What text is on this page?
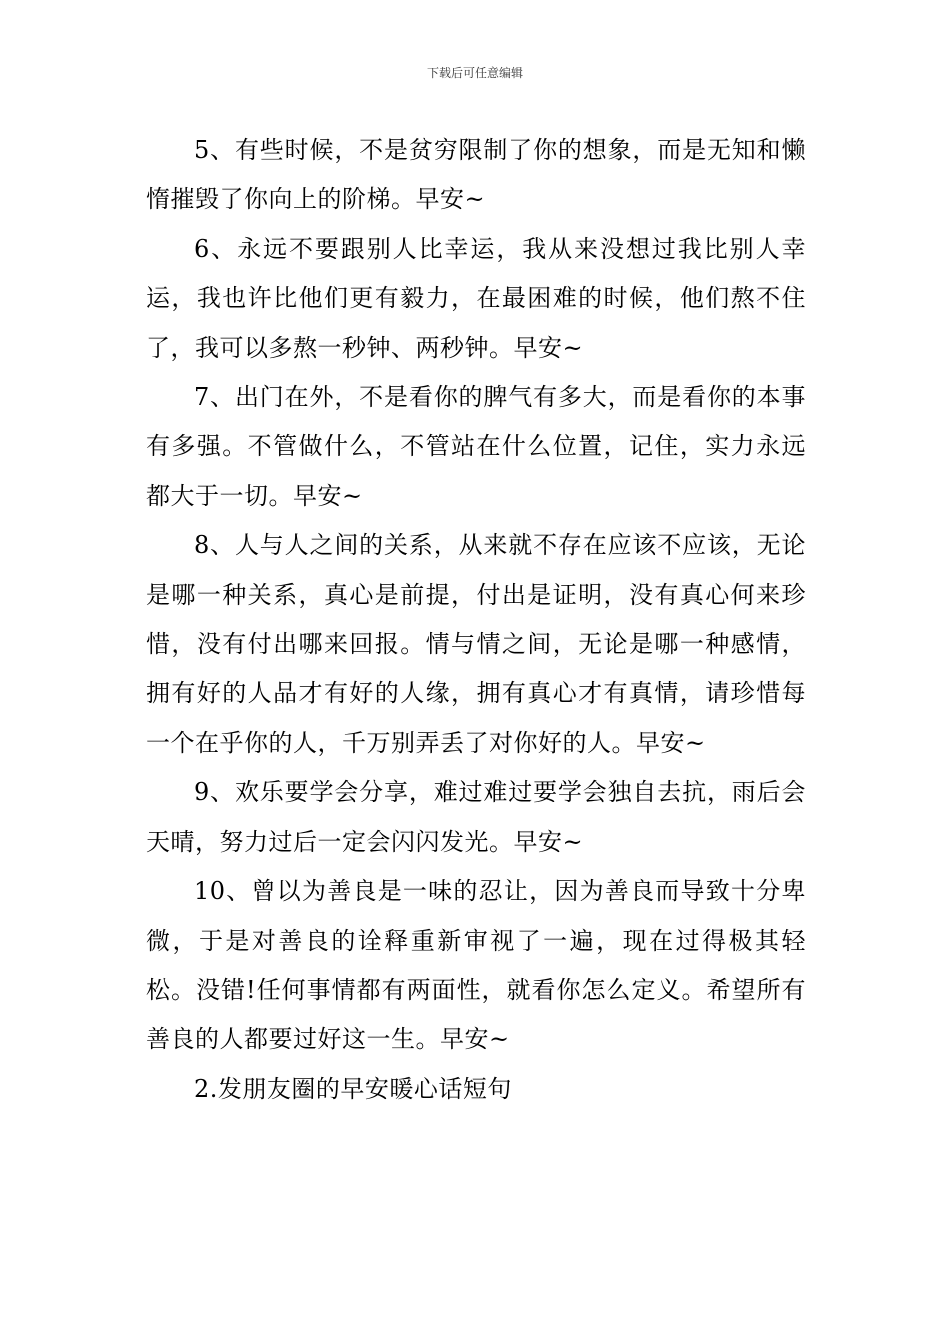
下载后可任意编辑

5、有些时候，不是贫穷限制了你的想象，而是无知和懒惰摧毁了你向上的阶梯。早安~

6、永远不要跟别人比幸运，我从来没想过我比别人幸运，我也许比他们更有毅力，在最困难的时候，他们熬不住了，我可以多熬一秒钟、两秒钟。早安~

7、出门在外，不是看你的脾气有多大，而是看你的本事有多强。不管做什么，不管站在什么位置，记住，实力永远都大于一切。早安~

8、人与人之间的关系，从来就不存在应该不应该，无论是哪一种关系，真心是前提，付出是证明，没有真心何来珍惜，没有付出哪来回报。情与情之间，无论是哪一种感情，拥有好的人品才有好的人缘，拥有真心才有真情，请珍惜每一个在乎你的人，千万别弄丢了对你好的人。早安~

9、欢乐要学会分享，难过难过要学会独自去抗，雨后会天晴，努力过后一定会闪闪发光。早安~

10、曾以为善良是一味的忍让，因为善良而导致十分卑微，于是对善良的诠释重新审视了一遍，现在过得极其轻松。没错!任何事情都有两面性，就看你怎么定义。希望所有善良的人都要过好这一生。早安~

2.发朋友圈的早安暖心话短句
